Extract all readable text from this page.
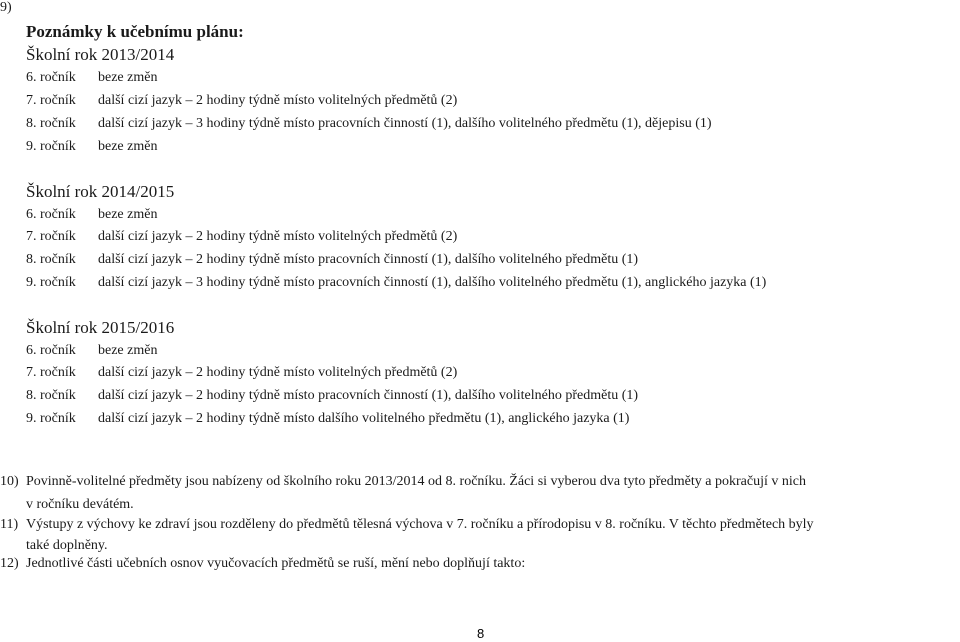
9)
Poznámky k učebnímu plánu:
Školní rok 2013/2014
6. ročník beze změn
7. ročník další cizí jazyk – 2 hodiny týdně místo volitelných předmětů (2)
8. ročník další cizí jazyk – 3 hodiny týdně místo pracovních činností (1), dalšího volitelného předmětu (1), dějepisu (1)
9. ročník beze změn
Školní rok 2014/2015
6. ročník beze změn
7. ročník další cizí jazyk – 2 hodiny týdně místo volitelných předmětů (2)
8. ročník další cizí jazyk – 2 hodiny týdně místo pracovních činností (1), dalšího volitelného předmětu (1)
9. ročník další cizí jazyk – 3 hodiny týdně místo pracovních činností (1), dalšího volitelného předmětu (1), anglického jazyka (1)
Školní rok 2015/2016
6. ročník beze změn
7. ročník další cizí jazyk – 2 hodiny týdně místo volitelných předmětů (2)
8. ročník další cizí jazyk – 2 hodiny týdně místo pracovních činností (1), dalšího volitelného předmětu (1)
9. ročník další cizí jazyk – 2 hodiny týdně místo dalšího volitelného předmětu (1), anglického jazyka (1)
10) Povinně-volitelné předměty jsou nabízeny od školního roku 2013/2014 od 8. ročníku. Žáci si vyberou dva tyto předměty a pokračují v nich
v ročníku devátém.
11) Výstupy z výchovy ke zdraví jsou rozděleny do předmětů tělesná výchova v 7. ročníku a přírodopisu v 8. ročníku. V těchto předmětech byly
také doplněny.
12) Jednotlivé části učebních osnov vyučovacích předmětů se ruší, mění nebo doplňují takto:
8
